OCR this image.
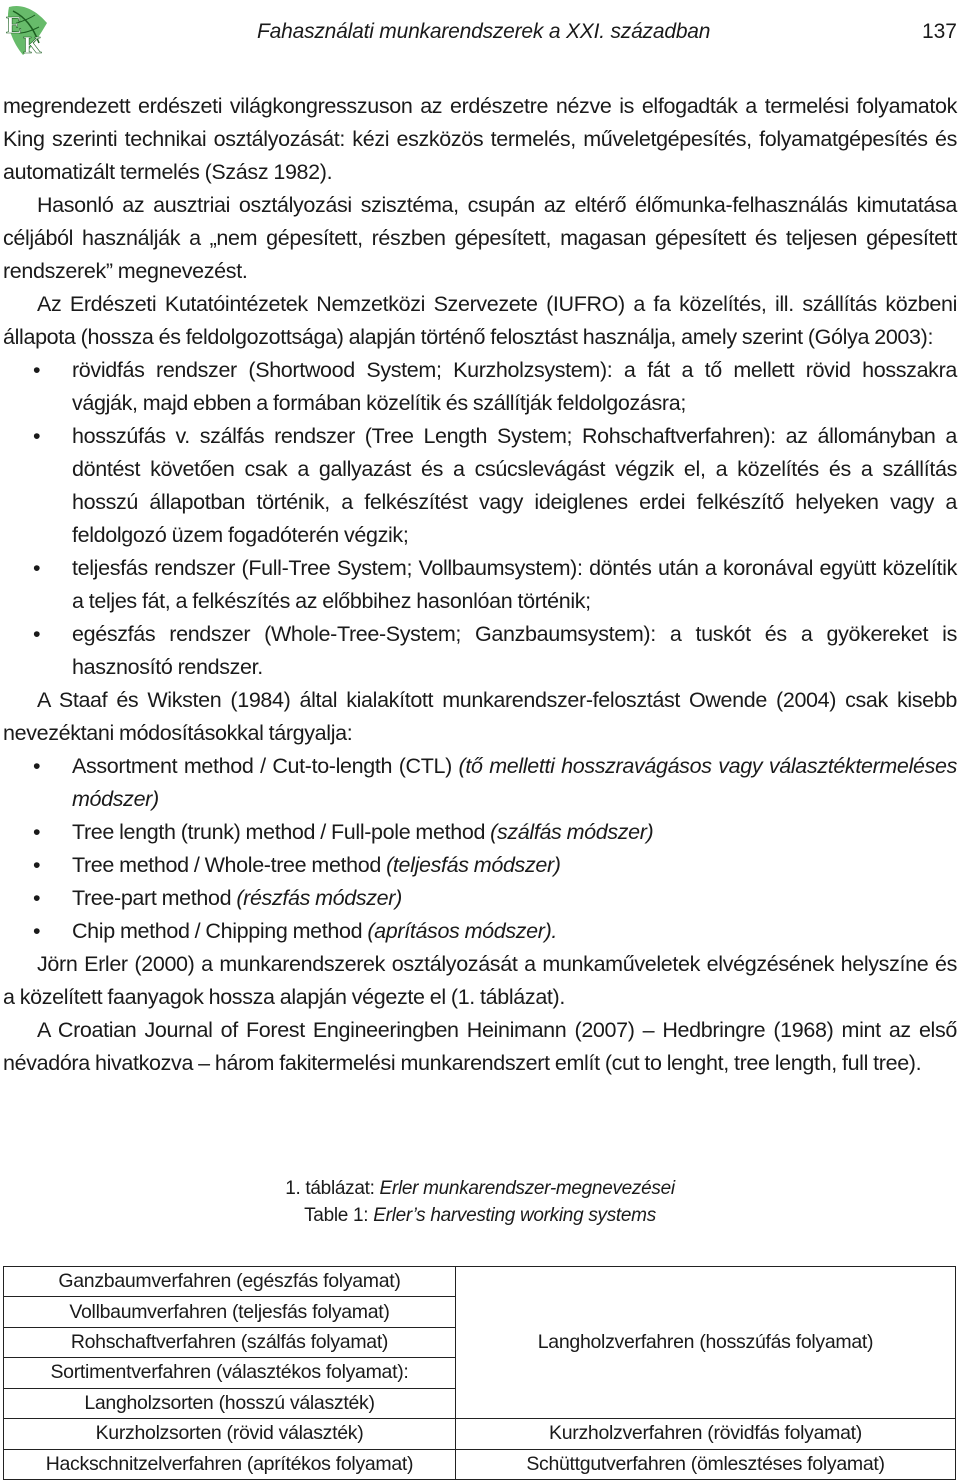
E
K
Fahasználati munkarendszerek a XXI. században	137

megrendezett erdészeti világkongresszuson az erdészetre nézve is elfogadták a termelési folyamatok King szerinti technikai osztályozását: kézi eszközös termelés, műveletgépesítés, folyamatgépesítés és automatizált termelés (Szász 1982).

Hasonló az ausztriai osztályozási szisztéma, csupán az eltérő élőmunka-felhasználás kimutatása céljából használják a „nem gépesített, részben gépesített, magasan gépesített és teljesen gépesített rendszerek” megnevezést.

Az Erdészeti Kutatóintézetek Nemzetközi Szervezete (IUFRO) a fa közelítés, ill. szállítás közbeni állapota (hossza és feldolgozottsága) alapján történő felosztást használja, amely szerint (Gólya 2003):

• rövidfás rendszer (Shortwood System; Kurzholzsystem): a fát a tő mellett rövid hosszakra vágják, majd ebben a formában közelítik és szállítják feldolgozásra;
• hosszúfás v. szálfás rendszer (Tree Length System; Rohschaftverfahren): az állományban a döntést követően csak a gallyazást és a csúcslevágást végzik el, a közelítés és a szállítás hosszú állapotban történik, a felkészítést vagy ideiglenes erdei felkészítő helyeken vagy a feldolgozó üzem fogadóterén végzik;
• teljesfás rendszer (Full-Tree System; Vollbaumsystem): döntés után a koronával együtt közelítik a teljes fát, a felkészítés az előbbihez hasonlóan történik;
• egészfás rendszer (Whole-Tree-System; Ganzbaumsystem): a tuskót és a gyökereket is hasznosító rendszer.

A Staaf és Wiksten (1984) által kialakított munkarendszer-felosztást Owende (2004) csak kisebb nevezéktani módosításokkal tárgyalja:

• Assortment method / Cut-to-length (CTL) (tő melletti hosszravágásos vagy választéktermeléses módszer)
• Tree length (trunk) method / Full-pole method (szálfás módszer)
• Tree method / Whole-tree method (teljesfás módszer)
• Tree-part method (részfás módszer)
• Chip method / Chipping method (aprításos módszer).

Jörn Erler (2000) a munkarendszerek osztályozását a munkaműveletek elvégzésének helyszíne és a közelített faanyagok hossza alapján végezte el (1. táblázat).

A Croatian Journal of Forest Engineeringben Heinimann (2007) – Hedbringre (1968) mint az első névadóra hivatkozva – három fakitermelési munkarendszert említ (cut to lenght, tree length, full tree).

1. táblázat: Erler munkarendszer-megnevezései
Table 1: Erler’s harvesting working systems
Ganzbaumverfahren (egészfás folyamat)	Langholzverfahren (hosszúfás folyamat)
Vollbaumverfahren (teljesfás folyamat)	
Rohschaftverfahren (szálfás folyamat)	
Sortimentverfahren (választékos folyamat):	
Langholzsorten (hosszú választék)	
Kurzholzsorten (rövid választék)	Kurzholzverfahren (rövidfás folyamat)
Hackschnitzelverfahren (aprítékos folyamat)	Schüttgutverfahren (ömlesztéses folyamat)
